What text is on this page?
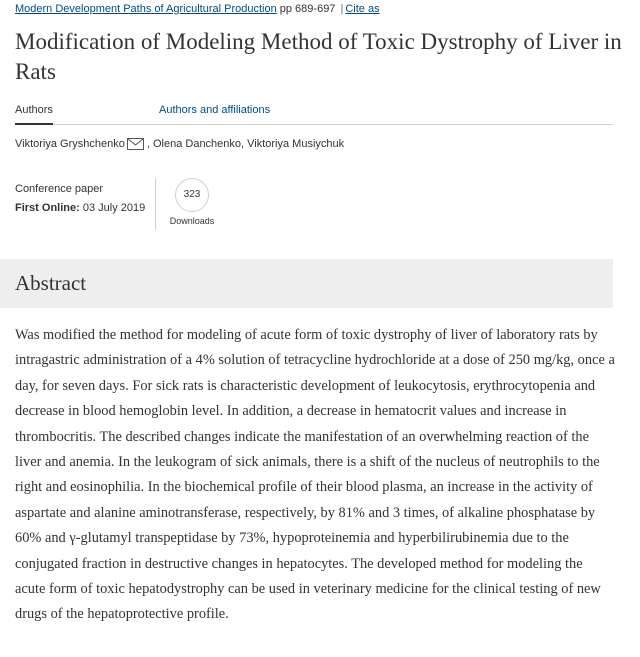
Modern Development Paths of Agricultural Production pp 689-697 | Cite as
Modification of Modeling Method of Toxic Dystrophy of Liver in Rats
Authors	Authors and affiliations
Viktoriya Gryshchenko , Olena Danchenko, Viktoriya Musiychuk
Conference paper
First Online: 03 July 2019
323
Downloads
Abstract

Was modified the method for modeling of acute form of toxic dystrophy of liver of laboratory rats by intragastric administration of a 4% solution of tetracycline hydrochloride at a dose of 250 mg/kg, once a day, for seven days. For sick rats is characteristic development of leukocytosis, erythrocytopenia and decrease in blood hemoglobin level. In addition, a decrease in hematocrit values and increase in thrombocritis. The described changes indicate the manifestation of an overwhelming reaction of the liver and anemia. In the leukogram of sick animals, there is a shift of the nucleus of neutrophils to the right and eosinophilia. In the biochemical profile of their blood plasma, an increase in the activity of aspartate and alanine aminotransferase, respectively, by 81% and 3 times, of alkaline phosphatase by 60% and γ-glutamyl transpeptidase by 73%, hypoproteinemia and hyperbilirubinemia due to the conjugated fraction in destructive changes in hepatocytes. The developed method for modeling the acute form of toxic hepatodystrophy can be used in veterinary medicine for the clinical testing of new drugs of the hepatoprotective profile.
